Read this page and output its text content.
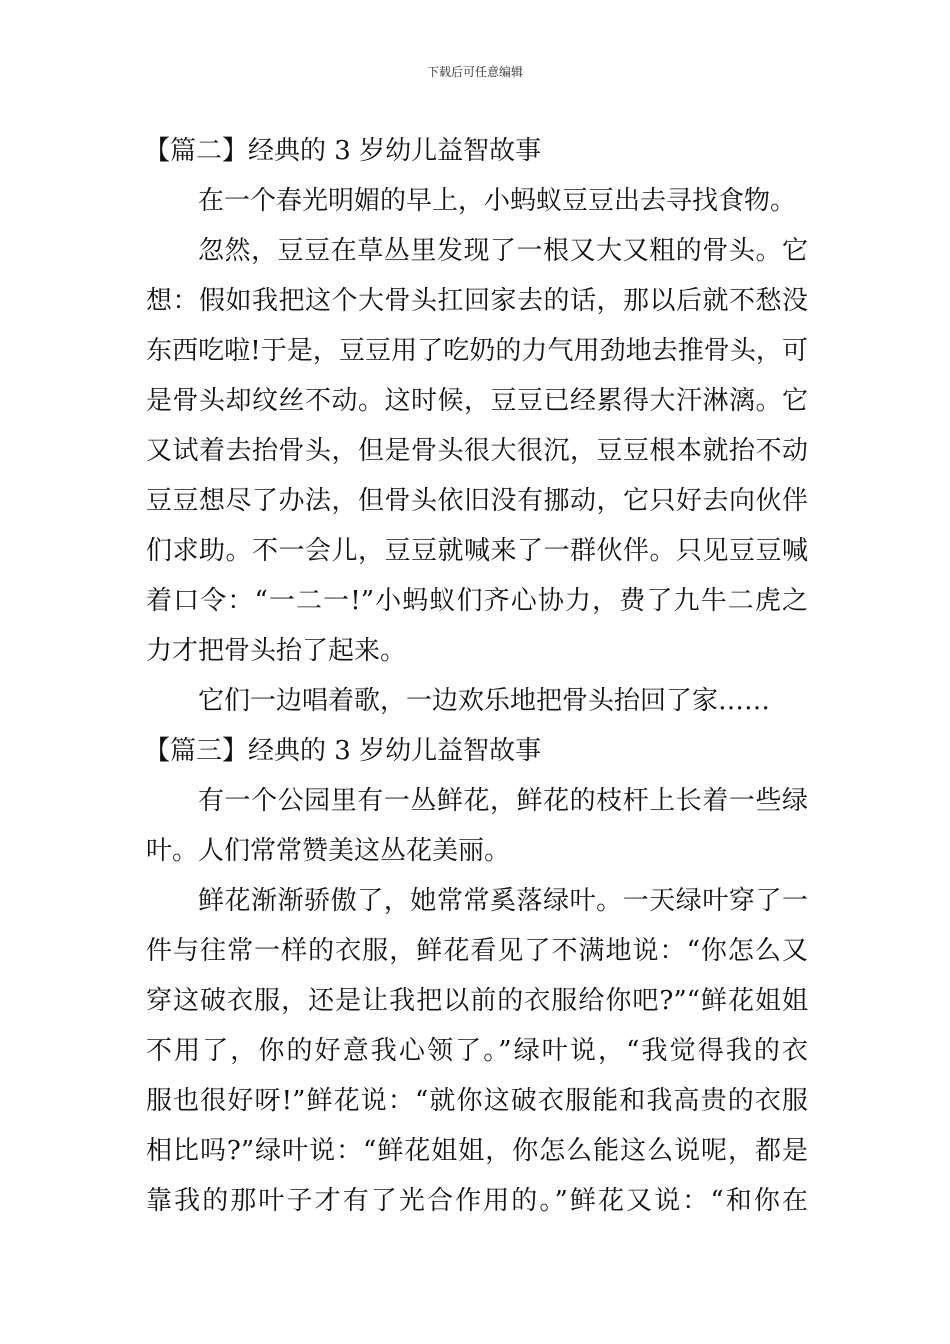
下载后可任意编辑
【篇二】经典的 3 岁幼儿益智故事
在一个春光明媚的早上，小蚂蚁豆豆出去寻找食物。
忽然，豆豆在草丛里发现了一根又大又粗的骨头。它
想：假如我把这个大骨头扛回家去的话，那以后就不愁没
东西吃啦!于是，豆豆用了吃奶的力气用劲地去推骨头，可
是骨头却纹丝不动。这时候，豆豆已经累得大汗淋漓。它
又试着去抬骨头，但是骨头很大很沉，豆豆根本就抬不动
豆豆想尽了办法，但骨头依旧没有挪动，它只好去向伙伴
们求助。不一会儿，豆豆就喊来了一群伙伴。只见豆豆喊
着口令：“一二一!”小蚂蚁们齐心协力，费了九牛二虎之
力才把骨头抬了起来。
它们一边唱着歌，一边欢乐地把骨头抬回了家……
【篇三】经典的 3 岁幼儿益智故事
有一个公园里有一丛鲜花，鲜花的枝杆上长着一些绿
叶。人们常常赞美这丛花美丽。
鲜花渐渐骄傲了，她常常奚落绿叶。一天绿叶穿了一
件与往常一样的衣服，鲜花看见了不满地说：“你怎么又
穿这破衣服，还是让我把以前的衣服给你吧?”“鲜花姐姐
不用了，你的好意我心领了。”绿叶说，“我觉得我的衣
服也很好呀!”鲜花说：“就你这破衣服能和我高贵的衣服
相比吗?”绿叶说：“鲜花姐姐，你怎么能这么说呢，都是
靠我的那叶子才有了光合作用的。”鲜花又说：“和你在
